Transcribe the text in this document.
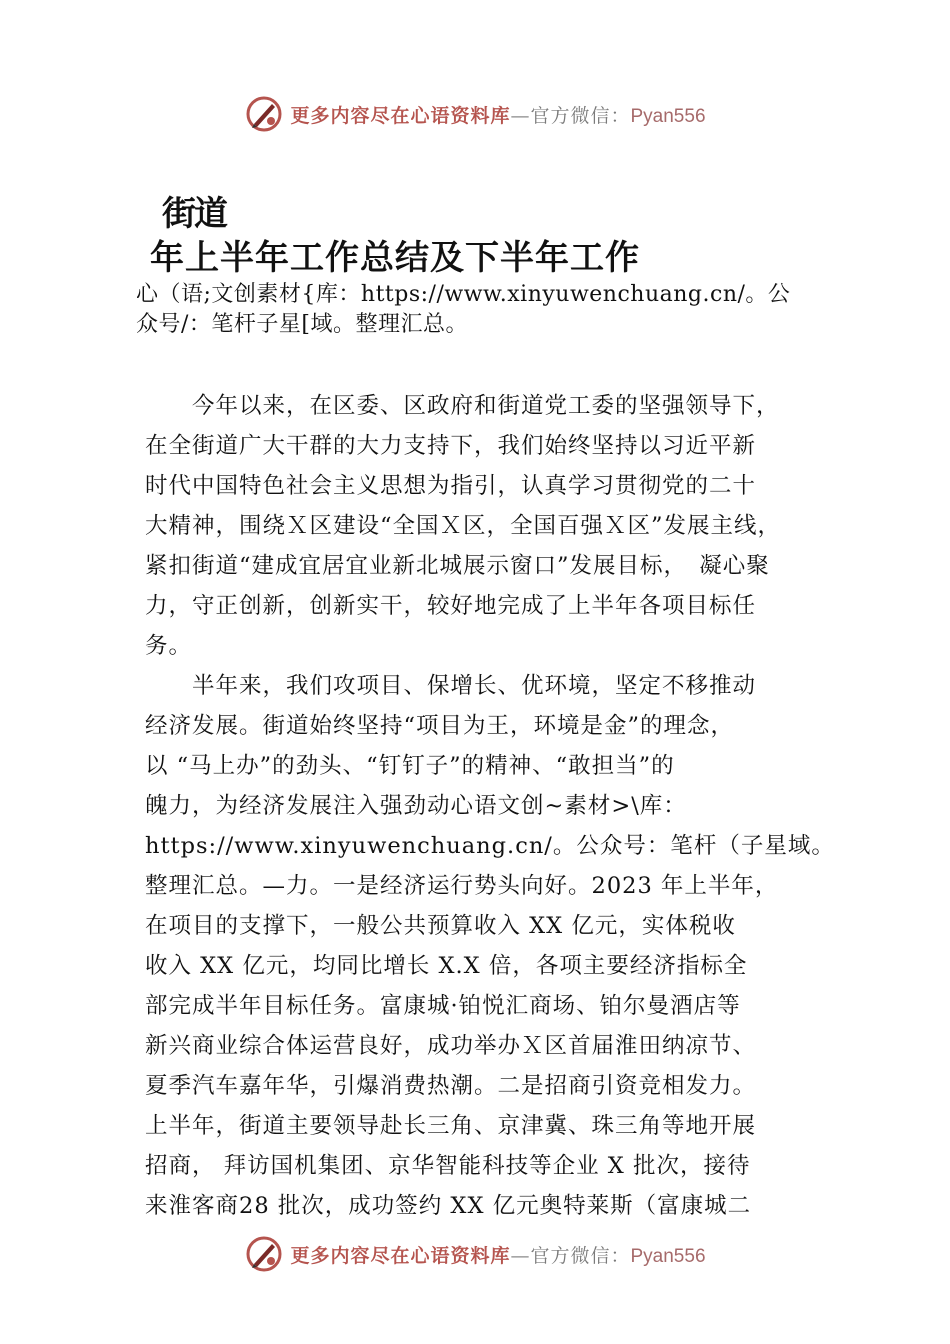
更多内容尽在心语资料库—官方微信：Pyan556
街道
年上半年工作总结及下半年工作
心（语;文创素材{库：https://www.xinyuwenchuang.cn/。公
众号/：笔杆子星[域。整理汇总。
　　今年以来，在区委、区政府和街道党工委的坚强领导下，
在全街道广大干群的大力支持下，我们始终坚持以习近平新
时代中国特色社会主义思想为指引，认真学习贯彻党的二十
大精神，围绕Ｘ区建设“全国Ｘ区，全国百强Ｘ区”发展主线，
紧扣街道“建成宜居宜业新北城展示窗口”发展目标，　凝心聚
力，守正创新，创新实干，较好地完成了上半年各项目标任
务。
　　半年来，我们攻项目、保增长、优环境，坚定不移推动
经济发展。街道始终坚持“项目为王，环境是金”的理念，
以 “马上办”的劲头、“钉钉子”的精神、“敢担当”的
魄力，为经济发展注入强劲动心语文创~素材>\库：
https://www.xinyuwenchuang.cn/。公众号：笔杆（子星域。
整理汇总。—力。一是经济运行势头向好。2023 年上半年，
在项目的支撑下，一般公共预算收入 XX 亿元，实体税收
收入 XX 亿元，均同比增长 X.X 倍，各项主要经济指标全
部完成半年目标任务。富康城·铂悦汇商场、铂尔曼酒店等
新兴商业综合体运营良好，成功举办Ｘ区首届淮田纳凉节、
夏季汽车嘉年华，引爆消费热潮。二是招商引资竞相发力。
上半年，街道主要领导赴长三角、京津冀、珠三角等地开展
招商， 拜访国机集团、京华智能科技等企业 X 批次，接待
来淮客商28 批次，成功签约 XX 亿元奥特莱斯（富康城二
更多内容尽在心语资料库—官方微信：Pyan556
